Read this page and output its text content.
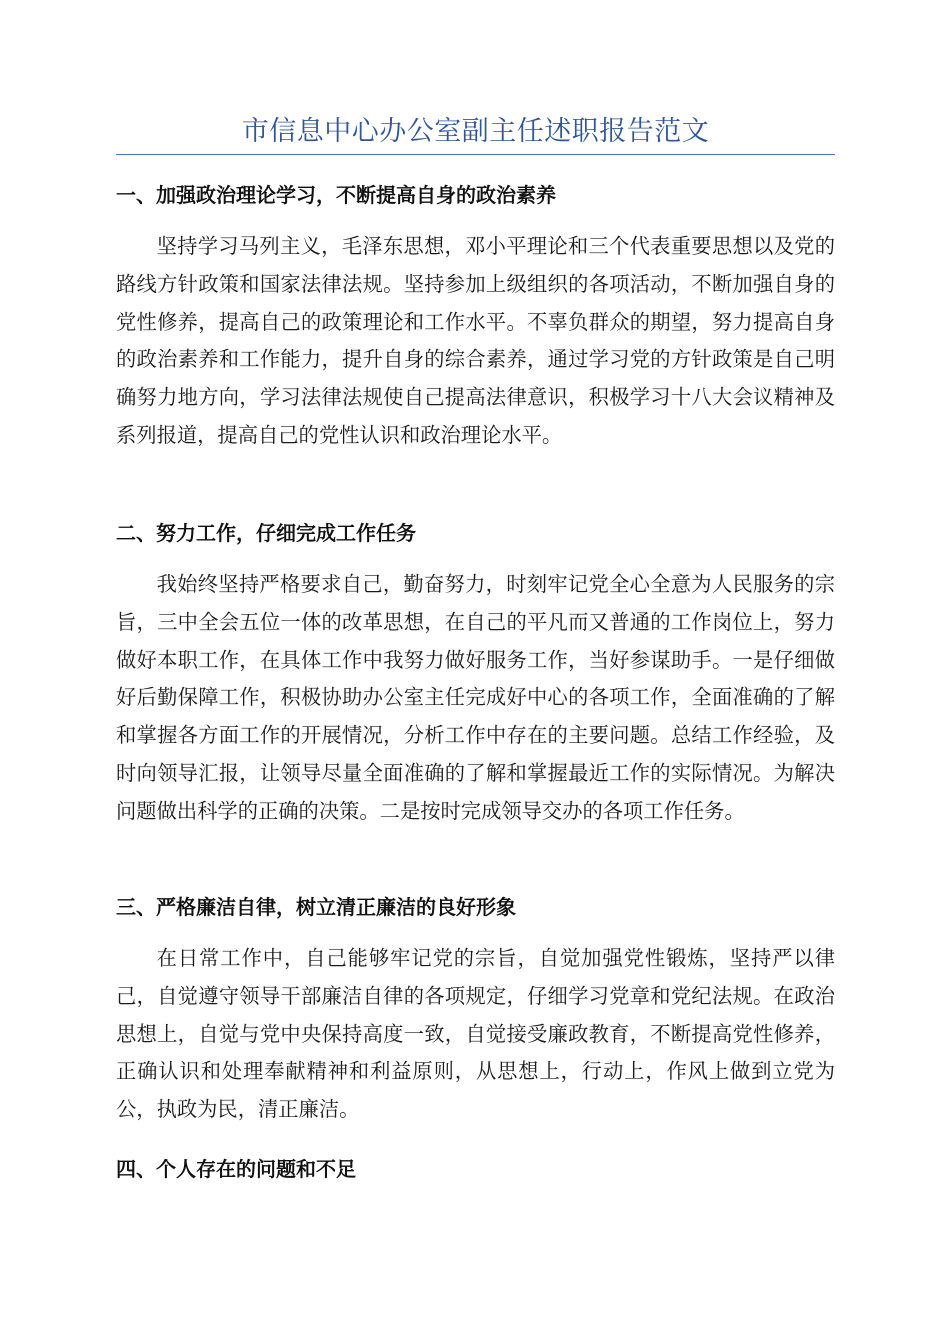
市信息中心办公室副主任述职报告范文
一、加强政治理论学习，不断提高自身的政治素养
坚持学习马列主义，毛泽东思想，邓小平理论和三个代表重要思想以及党的路线方针政策和国家法律法规。坚持参加上级组织的各项活动，不断加强自身的党性修养，提高自己的政策理论和工作水平。不辜负群众的期望，努力提高自身的政治素养和工作能力，提升自身的综合素养，通过学习党的方针政策是自己明确努力地方向，学习法律法规使自己提高法律意识，积极学习十八大会议精神及系列报道，提高自己的党性认识和政治理论水平。
二、努力工作，仔细完成工作任务
我始终坚持严格要求自己，勤奋努力，时刻牢记党全心全意为人民服务的宗旨，三中全会五位一体的改革思想，在自己的平凡而又普通的工作岗位上，努力做好本职工作，在具体工作中我努力做好服务工作，当好参谋助手。一是仔细做好后勤保障工作，积极协助办公室主任完成好中心的各项工作，全面准确的了解和掌握各方面工作的开展情况，分析工作中存在的主要问题。总结工作经验，及时向领导汇报，让领导尽量全面准确的了解和掌握最近工作的实际情况。为解决问题做出科学的正确的决策。二是按时完成领导交办的各项工作任务。
三、严格廉洁自律，树立清正廉洁的良好形象
在日常工作中，自己能够牢记党的宗旨，自觉加强党性锻炼，坚持严以律己，自觉遵守领导干部廉洁自律的各项规定，仔细学习党章和党纪法规。在政治思想上，自觉与党中央保持高度一致，自觉接受廉政教育，不断提高党性修养，正确认识和处理奉献精神和利益原则，从思想上，行动上，作风上做到立党为公，执政为民，清正廉洁。
四、个人存在的问题和不足
